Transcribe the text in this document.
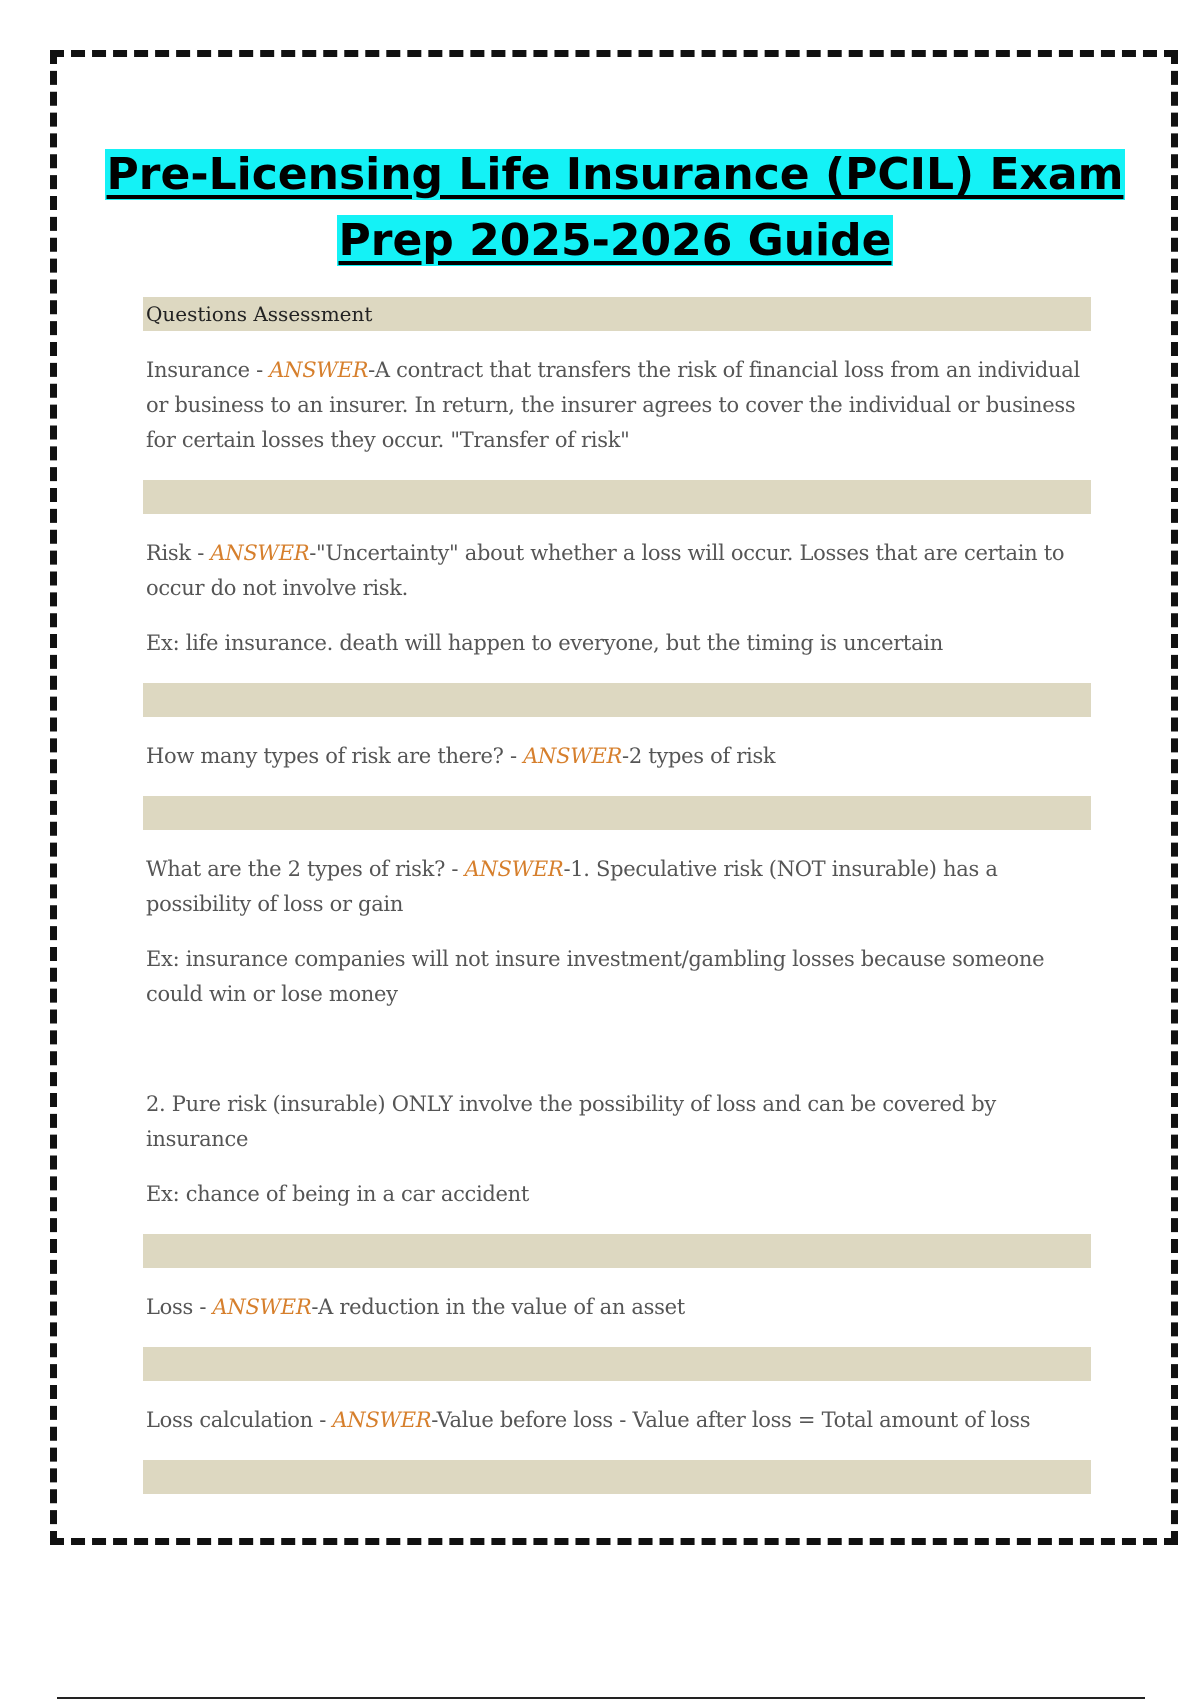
Pre-Licensing Life Insurance (PCIL) Exam Prep 2025-2026 Guide
Questions Assessment

Insurance - ANSWER-A contract that transfers the risk of financial loss from an individual or business to an insurer. In return, the insurer agrees to cover the individual or business for certain losses they occur. "Transfer of risk"

Risk - ANSWER-"Uncertainty" about whether a loss will occur. Losses that are certain to occur do not involve risk.

Ex: life insurance. death will happen to everyone, but the timing is uncertain

How many types of risk are there? - ANSWER-2 types of risk

What are the 2 types of risk? - ANSWER-1. Speculative risk (NOT insurable) has a possibility of loss or gain

Ex: insurance companies will not insure investment/gambling losses because someone could win or lose money

2. Pure risk (insurable) ONLY involve the possibility of loss and can be covered by insurance

Ex: chance of being in a car accident

Loss - ANSWER-A reduction in the value of an asset

Loss calculation - ANSWER-Value before loss - Value after loss = Total amount of loss
